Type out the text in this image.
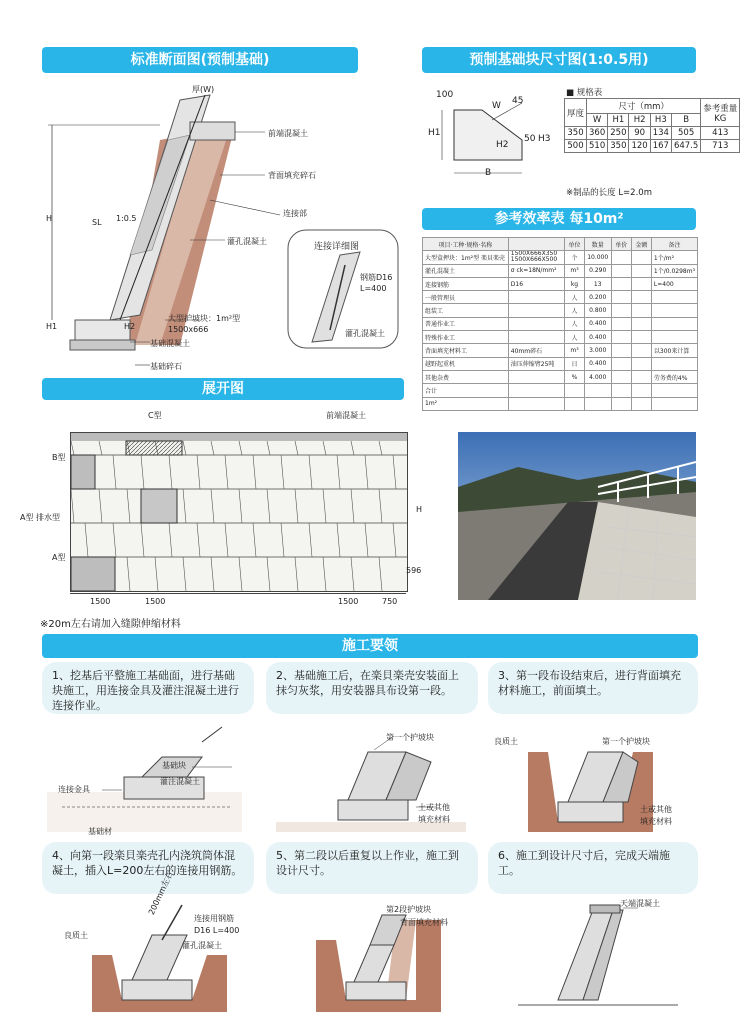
标准断面图(预制基础)	预制基础块尺寸图(1:0.5用)
参考效率表 每10m²
展开图
施工要领
厚(W)
前端混凝土
背面填充碎石
连接部
灌孔混凝土
大型护坡块：1m²型
1500x666
基础混凝土
基础碎石
H	SL 1:0.5
H1	H2
连接详细图
钢筋D16
L=400
灌孔混凝土
100
W 45
H1
H2
50 H3
B
■ 规格表
厚度	尺寸（mm）					参考重量KG
	W	H1	H2	H3	B	
350	360	250	90	134	505	413
500	510	350	120	167	647.5	713
※制品的长度 L=2.0m
项目·工种·规格·名称		单位	数量	单价	金额	备注
大型盒押块：1m²型 楽貝楽壳	1500X666X350
1500X666X500	个	10.000			1个/m²
灌孔混凝土	σ ck=18N/mm²	m³	0.290			1个/0.0298m³
连接钢筋	D16	kg	13			L=400
一般管理员		人	0.200			
组装工		人	0.800			
普通作业工		人	0.400			
特殊作业工		人	0.400			
背面填充材料工	40mm碎石	m³	3.000			以300来计算
越野起重机	油压伸缩臂25吨	日	0.400			
其他杂费		%	4.000			劳务费的4%
合计						
1m²						
C型	前端混凝土
B型
A型 排水型
A型
H
596
1500	1500	1500	750
※20m左右请加入缝隙伸缩材料
1、挖基后平整施工基础面，进行基础块施工，用连接金具及灌注混凝土进行连接作业。
2、基础施工后，在楽貝楽壳安装面上抹匀灰浆，用安装器具布设第一段。
3、第一段布设结束后，进行背面填充材料施工，前面填土。
4、向第一段楽貝楽壳孔内浇筑筒体混凝土，插入L=200左右的连接用钢筋。
5、第二段以后重复以上作业，施工到设计尺寸。
6、施工到设计尺寸后，完成天端施工。
基础块
灌注混凝土
连接金具
基础材
第一个护坡块
土或其他
填充材料
良质土	第一个护坡块
土或其他
填充材料
良质土
200mm左右
连接用钢筋
D16 L=400
灌孔混凝土
第2段护坡块
背面填充材料
天端混凝土
